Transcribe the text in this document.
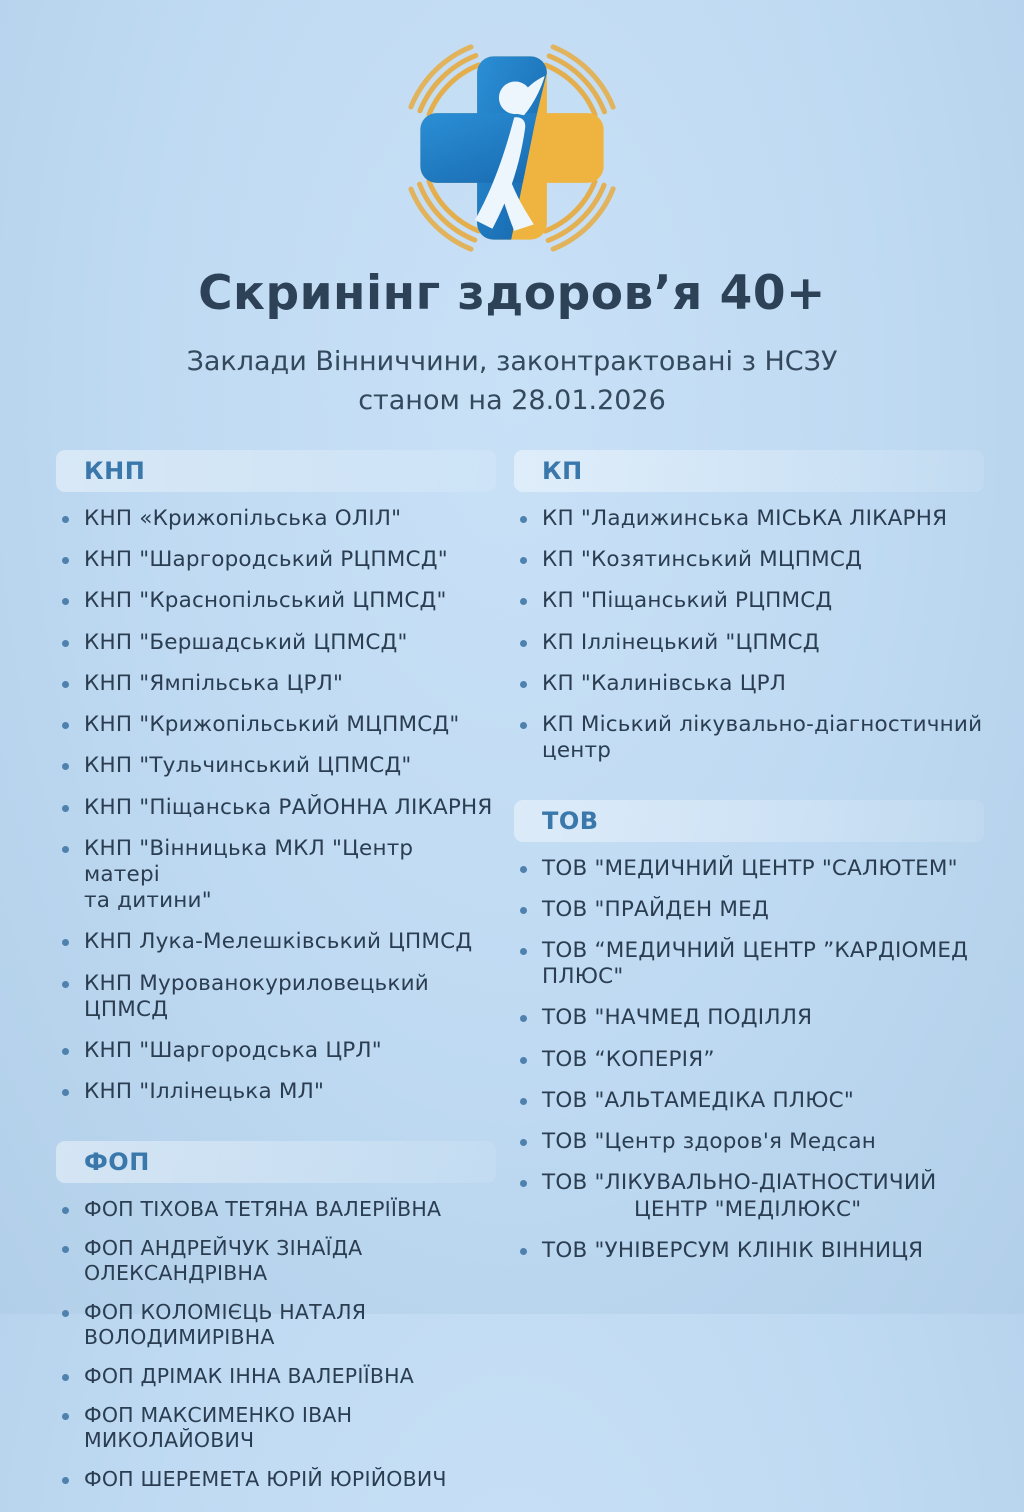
Скринінг здоров’я 40+
Заклади Вінниччини, законтрактовані з НСЗУ
станом на 28.01.2026
КНП
КНП «Крижопільська ОЛІЛ"
КНП "Шаргородський РЦПМСД"
КНП "Краснопільський ЦПМСД"
КНП "Бершадський ЦПМСД"
КНП "Ямпільська ЦРЛ"
КНП "Крижопільський МЦПМСД"
КНП "Тульчинський ЦПМСД"
КНП "Піщанська РАЙОННА ЛІКАРНЯ
КНП "Вінницька МКЛ "Центр матері
та дитини"
КНП Лука-Мелешківський ЦПМСД
КНП Мурованокуриловецький ЦПМСД
КНП "Шаргородська ЦРЛ"
КНП "Іллінецька МЛ"
ФОП
ФОП ТІХОВА ТЕТЯНА ВАЛЕРІЇВНА
ФОП АНДРЕЙЧУК ЗІНАЇДА ОЛЕКСАНДРІВНА
ФОП КОЛОМІЄЦЬ НАТАЛЯ ВОЛОДИМИРІВНА
ФОП ДРІМАК ІННА ВАЛЕРІЇВНА
ФОП МАКСИМЕНКО ІВАН МИКОЛАЙОВИЧ
ФОП ШЕРЕМЕТА ЮРІЙ ЮРІЙОВИЧ
КП
КП "Ладижинська МІСЬКА ЛІКАРНЯ
КП "Козятинський МЦПМСД
КП "Піщанський РЦПМСД
КП Іллінецький "ЦПМСД
КП "Калинівська ЦРЛ
КП Міський лікувально-діагностичний
центр
ТОВ
ТОВ "МЕДИЧНИЙ ЦЕНТР "САЛЮТЕМ"
ТОВ "ПРАЙДЕН МЕД
ТОВ “МЕДИЧНИЙ ЦЕНТР ”КАРДІОМЕД ПЛЮС"
ТОВ "НАЧМЕД ПОДІЛЛЯ
ТОВ “КОПЕРІЯ”
ТОВ "АЛЬТАМЕДІКА ПЛЮС"
ТОВ "Центр здоров'я Медсан
ТОВ "ЛІКУВАЛЬНО-ДІАТНОСТИЧИЙ
ЦЕНТР "МЕДІЛЮКС"
ТОВ "УНІВЕРСУМ КЛІНІК ВІННИЦЯ
